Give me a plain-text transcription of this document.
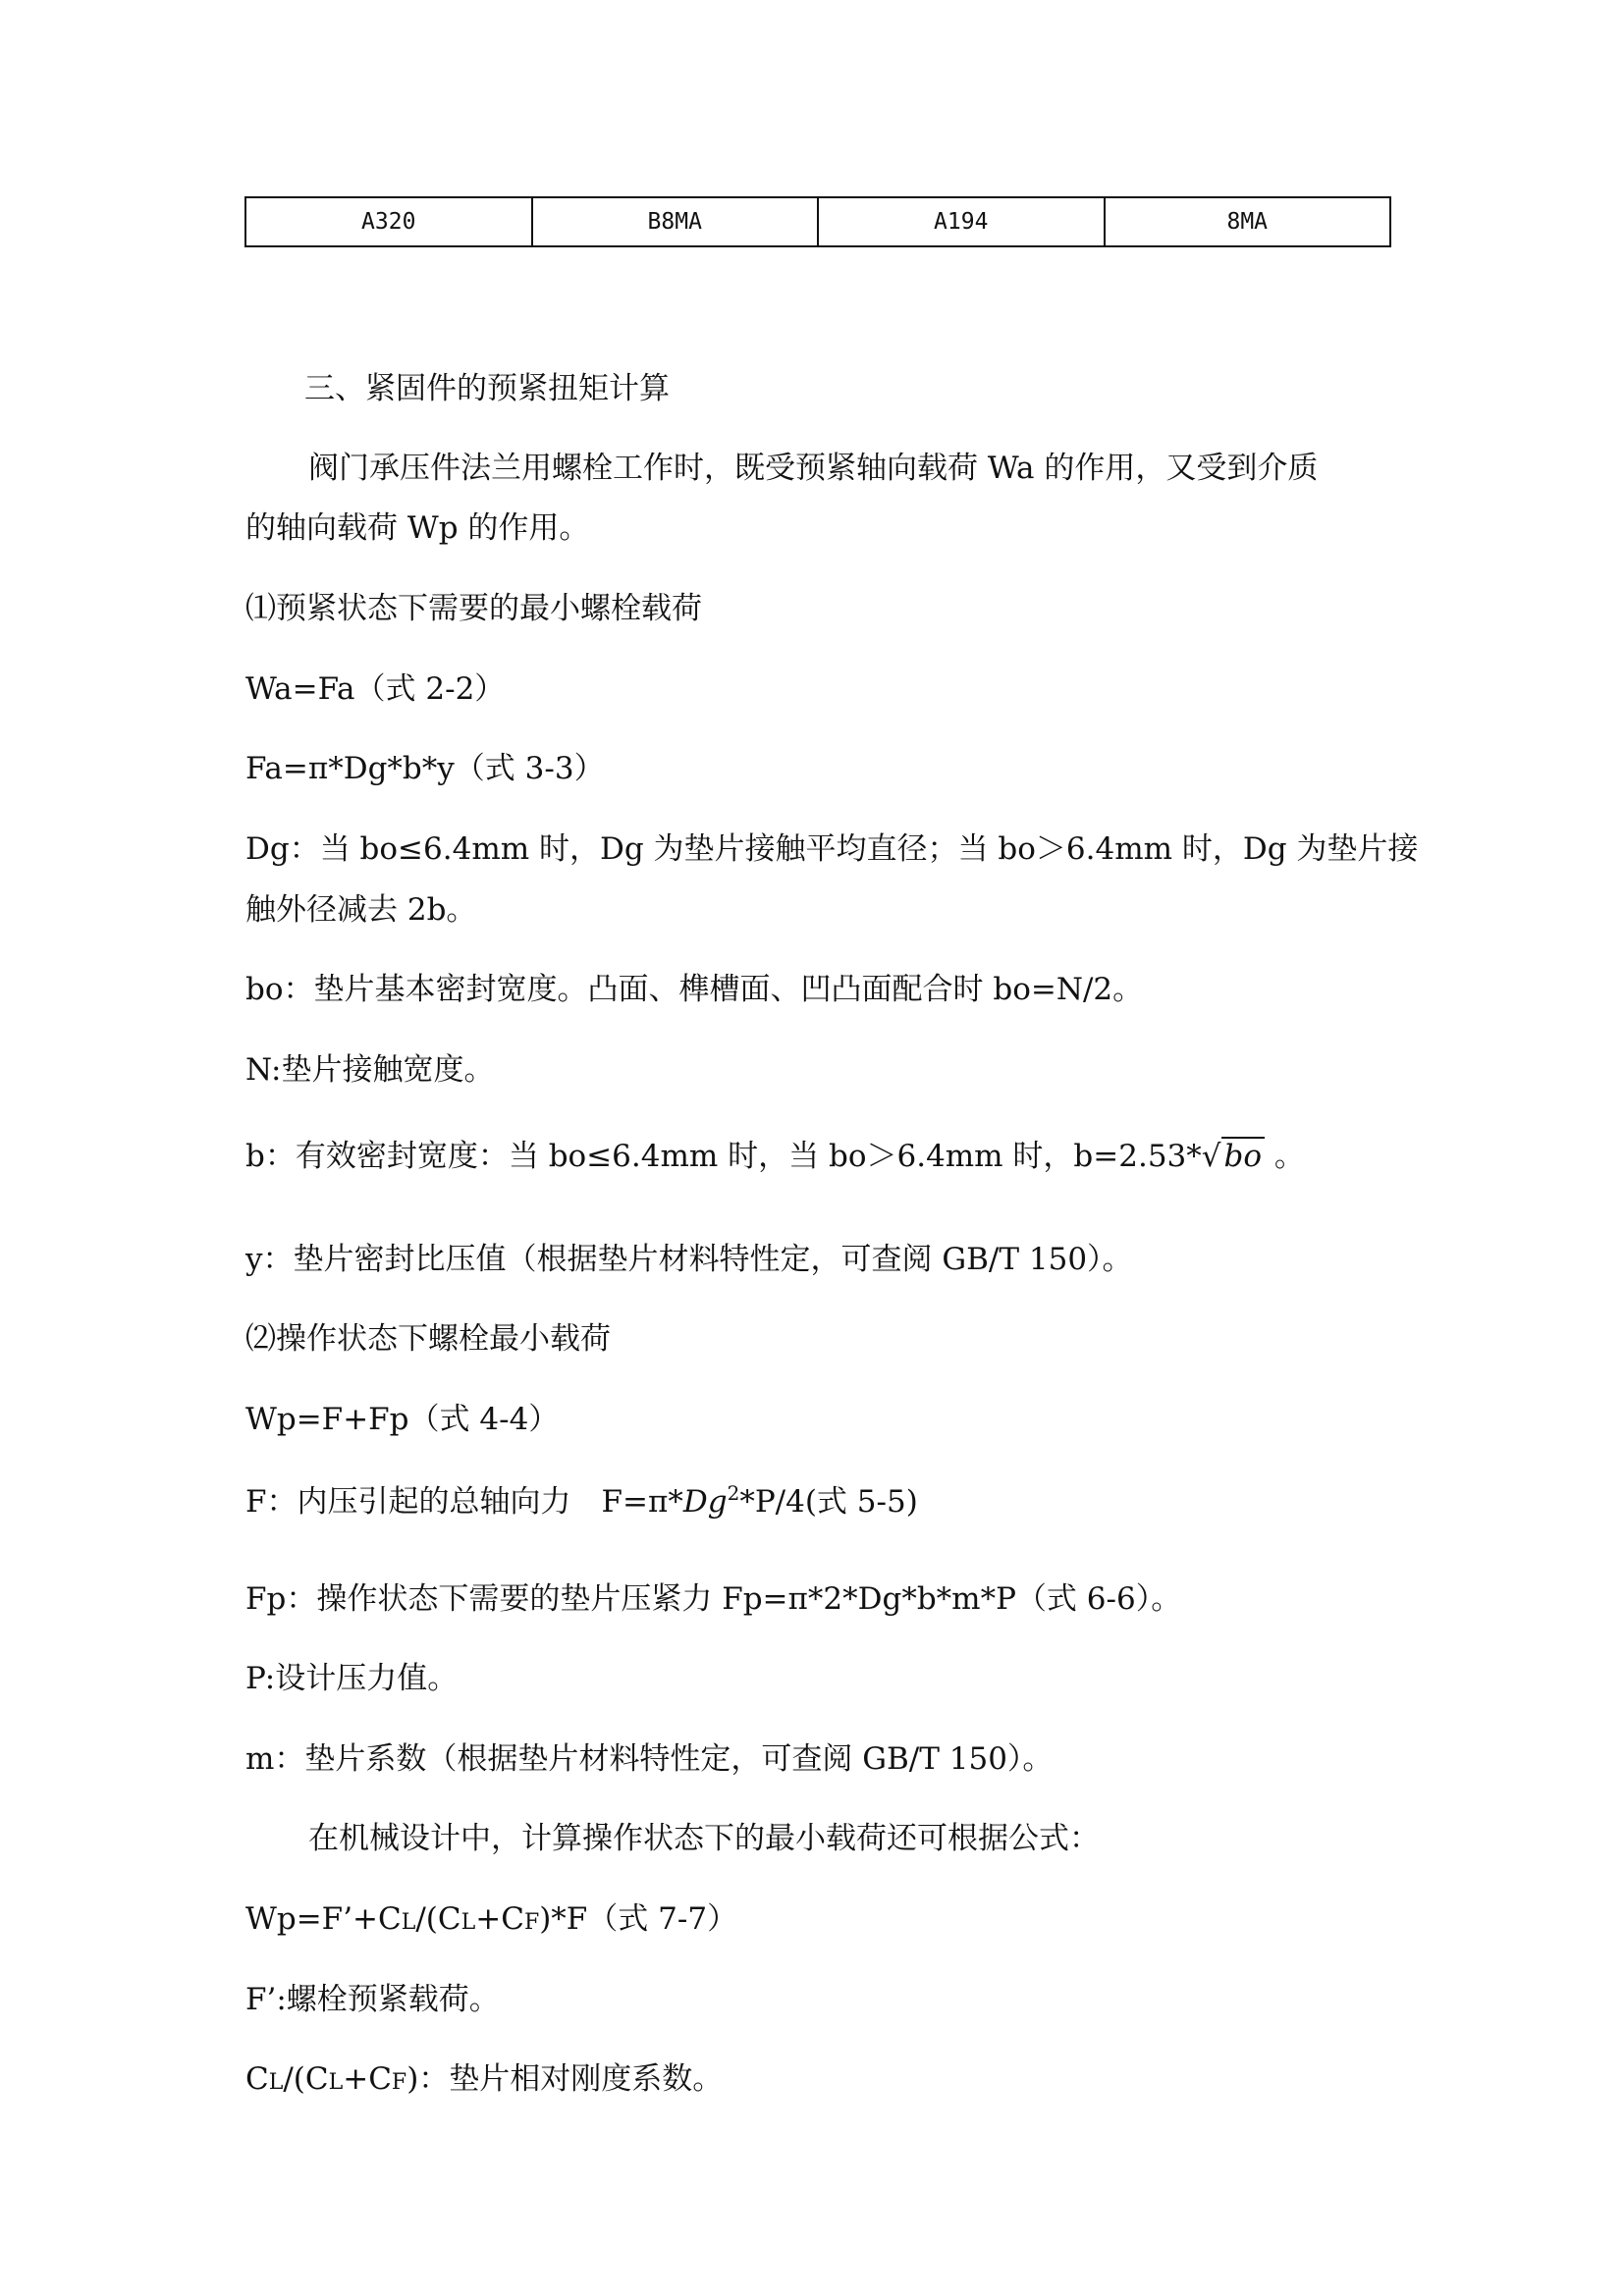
A320	B8MA	A194	8MA
三、紧固件的预紧扭矩计算
阀门承压件法兰用螺栓工作时，既受预紧轴向载荷 Wa 的作用，又受到介质
的轴向载荷 Wp 的作用。
⑴预紧状态下需要的最小螺栓载荷
Wa=Fa（式 2-2）
Fa=π*Dg*b*y（式 3-3）
Dg：当 bo≤6.4mm 时，Dg 为垫片接触平均直径；当 bo＞6.4mm 时，Dg 为垫片接
触外径减去 2b。
bo：垫片基本密封宽度。凸面、榫槽面、凹凸面配合时 bo=N/2。
N:垫片接触宽度。
b：有效密封宽度：当 bo≤6.4mm 时，当 bo＞6.4mm 时，b=2.53*√bo 。
y：垫片密封比压值（根据垫片材料特性定，可查阅 GB/T 150）。
⑵操作状态下螺栓最小载荷
Wp=F+Fp（式 4-4）
F：内压引起的总轴向力　$F=\pi*Dg^2*P/4$(式 5-5)
Fp：操作状态下需要的垫片压紧力 Fp=π*2*Dg*b*m*P（式 6-6）。
P:设计压力值。
m：垫片系数（根据垫片材料特性定，可查阅 GB/T 150）。
在机械设计中，计算操作状态下的最小载荷还可根据公式：
Wp=F’+CL/(CL+CF)*F（式 7-7）
F’:螺栓预紧载荷。
CL/(CL+CF)：垫片相对刚度系数。
